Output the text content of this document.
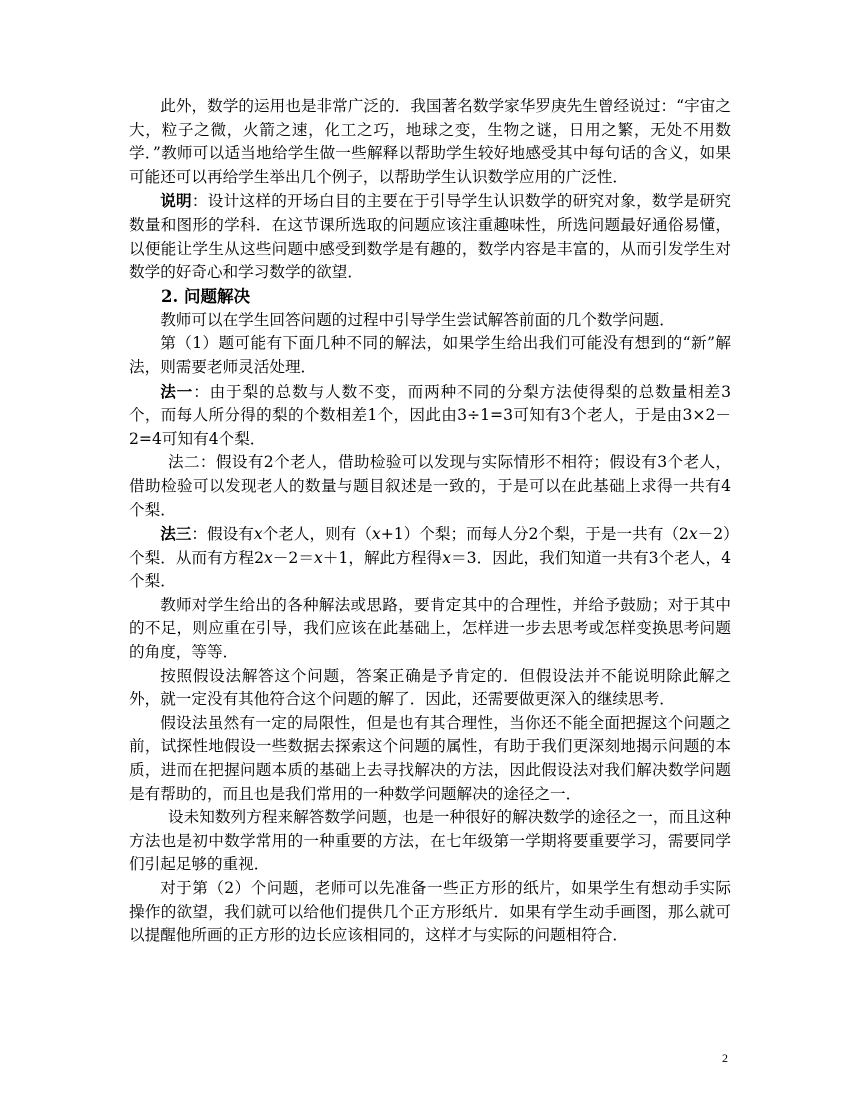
此外，数学的运用也是非常广泛的．我国著名数学家华罗庚先生曾经说过：“宇宙之大，粒子之微，火箭之速，化工之巧，地球之变，生物之谜，日用之繁，无处不用数学．”教师可以适当地给学生做一些解释以帮助学生较好地感受其中每句话的含义，如果可能还可以再给学生举出几个例子，以帮助学生认识数学应用的广泛性．

说明：设计这样的开场白目的主要在于引导学生认识数学的研究对象，数学是研究数量和图形的学科．在这节课所选取的问题应该注重趣味性，所选问题最好通俗易懂，以便能让学生从这些问题中感受到数学是有趣的，数学内容是丰富的，从而引发学生对数学的好奇心和学习数学的欲望．

2. 问题解决

教师可以在学生回答问题的过程中引导学生尝试解答前面的几个数学问题．

第（1）题可能有下面几种不同的解法，如果学生给出我们可能没有想到的“新”解法，则需要老师灵活处理．

法一：由于梨的总数与人数不变，而两种不同的分梨方法使得梨的总数量相差3个，而每人所分得的梨的个数相差1个，因此由3÷1=3可知有3个老人，于是由3×2－2=4可知有4个梨．

法二：假设有2个老人，借助检验可以发现与实际情形不相符；假设有3个老人，借助检验可以发现老人的数量与题目叙述是一致的，于是可以在此基础上求得一共有4个梨．

法三：假设有x个老人，则有（x+1）个梨；而每人分2个梨，于是一共有（2x－2）个梨．从而有方程2x－2＝x＋1，解此方程得x＝3．因此，我们知道一共有3个老人，4个梨．

教师对学生给出的各种解法或思路，要肯定其中的合理性，并给予鼓励；对于其中的不足，则应重在引导，我们应该在此基础上，怎样进一步去思考或怎样变换思考问题的角度，等等．

按照假设法解答这个问题，答案正确是予肯定的．但假设法并不能说明除此解之外，就一定没有其他符合这个问题的解了．因此，还需要做更深入的继续思考．

假设法虽然有一定的局限性，但是也有其合理性，当你还不能全面把握这个问题之前，试探性地假设一些数据去探索这个问题的属性，有助于我们更深刻地揭示问题的本质，进而在把握问题本质的基础上去寻找解决的方法，因此假设法对我们解决数学问题是有帮助的，而且也是我们常用的一种数学问题解决的途径之一．

设未知数列方程来解答数学问题，也是一种很好的解决数学的途径之一，而且这种方法也是初中数学常用的一种重要的方法，在七年级第一学期将要重要学习，需要同学们引起足够的重视．

对于第（2）个问题，老师可以先准备一些正方形的纸片，如果学生有想动手实际操作的欲望，我们就可以给他们提供几个正方形纸片．如果有学生动手画图，那么就可以提醒他所画的正方形的边长应该相同的，这样才与实际的问题相符合．

2
